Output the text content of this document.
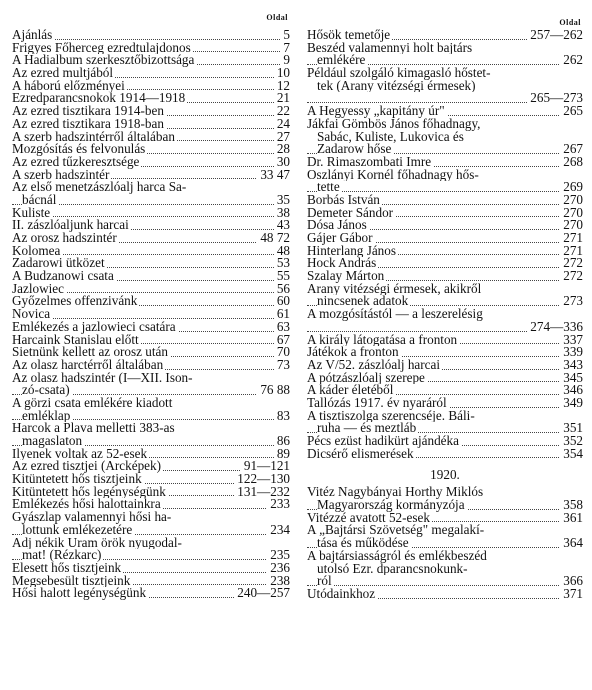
Oldal
Ajánlás	5
Frigyes Főherceg ezredtulajdonos	7
A Hadialbum szerkesztőbizottsága	9
Az ezred multjából	10
A háború előzményei	12
Ezredparancsnokok 1914—1918	21
Az ezred tisztikara 1914-ben	22
Az ezred tisztikara 1918-ban	24
A szerb hadszintérről általában	27
Mozgósítás és felvonulás	28
Az ezred tűzkeresztsége	30
A szerb hadszintér	33 47
Az első menetzászlóalj harca Sa-
bácnál	35
Kuliste	38
II. zászlóaljunk harcai	43
Az orosz hadszintér	48 72
Kolomea	48
Zadarowi ütközet	53
A Budzanowi csata	55
Jazlowiec	56
Győzelmes offenzivánk	60
Novica	61
Emlékezés a jazlowieci csatára	63
Harcaink Stanislau előtt	67
Sietnünk kellett az orosz után	70
Az olasz harctérről általában	73
Az olasz hadszintér (I—XII. Ison-
zó-csata)	76 88
A görzi csata emlékére kiadott
emléklap	83
Harcok a Plava melletti 383-as
magaslaton	86
Ilyenek voltak az 52-esek	89
Az ezred tisztjei (Arcképek)	91—121
Kitüntetett hős tisztjeink	122—130
Kitüntetett hős legénységünk	131—232
Emlékezés hősi halottainkra	233
Gyászlap valamennyi hősi ha-
lottunk emlékezetére	234
Adj nékik Uram örök nyugodal-
mat! (Rézkarc)	235
Elesett hős tisztjeink	236
Megsebesült tisztjeink	238
Hősi halott legénységünk	240—257
Oldal
Hősök temetője	257—262
Beszéd valamennyi holt bajtárs
emlékére	262
Például szolgáló kimagasló hőstet-
tek (Arany vitézségi érmesek)
265—273
A Hegyessy „kapitány úr"	265
Jákfai Gömbös János főhadnagy,
Sabác, Kuliste, Lukovica és
Zadarow hőse	267
Dr. Rimaszombati Imre	268
Oszlányi Kornél főhadnagy hős-
tette	269
Borbás István	270
Demeter Sándor	270
Dósa János	270
Gájer Gábor	271
Hinterlang János	271
Hock András	272
Szalay Márton	272
Arany vitézségi érmesek, akikről
nincsenek adatok	273
A mozgósítástól — a leszerelésig
274—336
A király látogatása a fronton	337
Játékok a fronton	339
Az V/52. zászlóalj harcai	343
A pótzászlóalj szerepe	345
A káder életéből	346
Tallózás 1917. év nyaráról	349
A tisztiszolga szerencséje. Báli-
ruha — és meztláb	351
Pécs ezüst hadikürt ajándéka	352
Dicsérő elismerések	354
1920.
Vitéz Nagybányai Horthy Miklós
Magyarország kormányzója	358
Vitézzé avatott 52-esek	361
A „Bajtársi Szövetség" megalakí-
tása és működése	364
A bajtársiasságról és emlékbeszéd
utolsó Ezr. dparancsnokunk-
ról	366
Utódainkhoz	371
